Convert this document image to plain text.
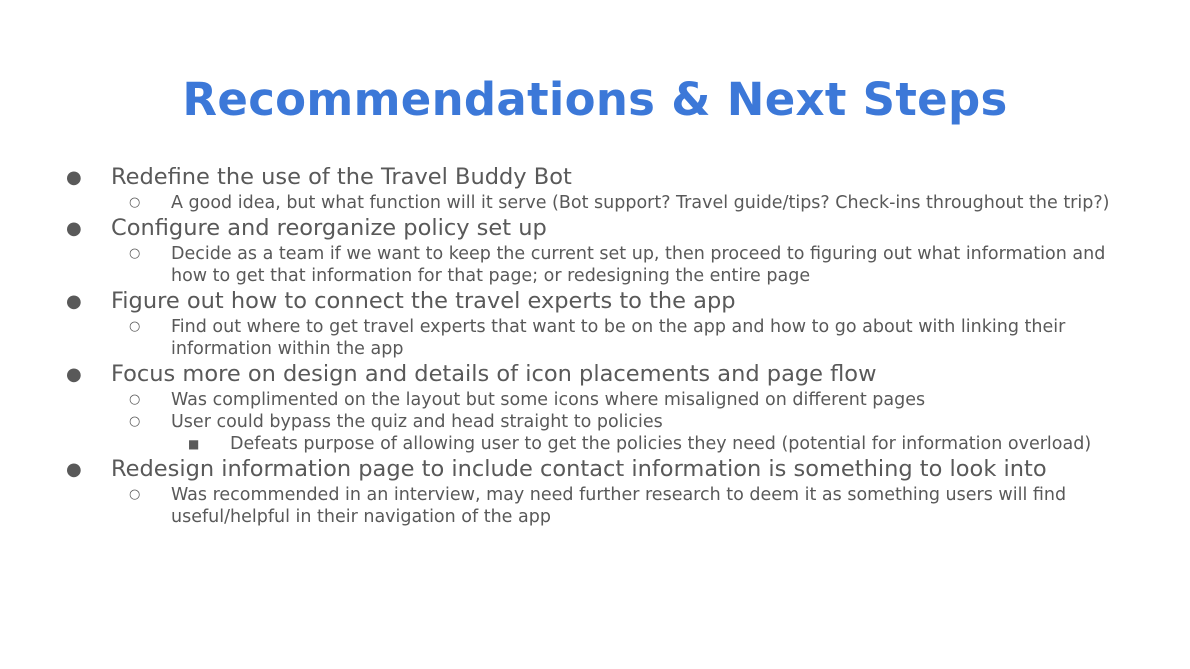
Recommendations & Next Steps
● Redefine the use of the Travel Buddy Bot
○ A good idea, but what function will it serve (Bot support? Travel guide/tips? Check-ins throughout the trip?)
● Configure and reorganize policy set up
○ Decide as a team if we want to keep the current set up, then proceed to figuring out what information and how to get that information for that page; or redesigning the entire page
● Figure out how to connect the travel experts to the app
○ Find out where to get travel experts that want to be on the app and how to go about with linking their information within the app
● Focus more on design and details of icon placements and page flow
○ Was complimented on the layout but some icons where misaligned on different pages
○ User could bypass the quiz and head straight to policies
■ Defeats purpose of allowing user to get the policies they need (potential for information overload)
● Redesign information page to include contact information is something to look into
○ Was recommended in an interview, may need further research to deem it as something users will find useful/helpful in their navigation of the app
